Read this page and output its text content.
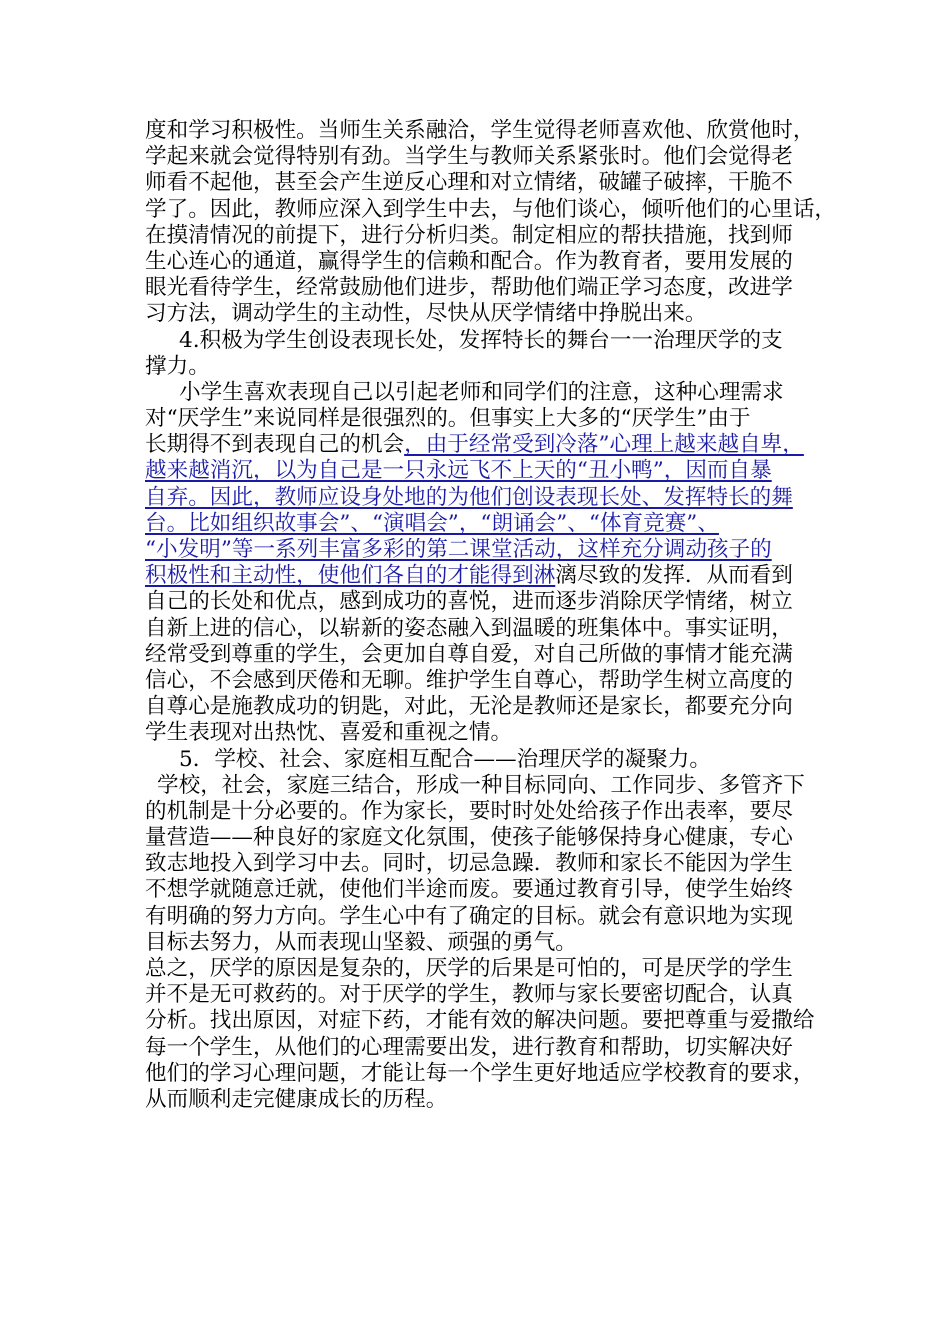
度和学习积极性。当师生关系融洽，学生觉得老师喜欢他、欣赏他时，
学起来就会觉得特别有劲。当学生与教师关系紧张时。他们会觉得老
师看不起他，甚至会产生逆反心理和对立情绪，破罐子破摔，干脆不
学了。因此，教师应深入到学生中去，与他们谈心，倾听他们的心里话，
在摸清情况的前提下，进行分析归类。制定相应的帮扶措施，找到师
生心连心的通道，赢得学生的信赖和配合。作为教育者，要用发展的
眼光看待学生，经常鼓励他们进步，帮助他们端正学习态度，改进学
习方法，调动学生的主动性，尽快从厌学情绪中挣脱出来。
4.积极为学生创设表现长处，发挥特长的舞台一一治理厌学的支
撑力。
小学生喜欢表现自己以引起老师和同学们的注意，这种心理需求
对“厌学生”来说同样是很强烈的。但事实上大多的“厌学生”由于
长期得不到表现自己的机会，由于经常受到冷落”心理上越来越自卑，
越来越消沉，以为自己是一只永远飞不上天的“丑小鸭”，因而自暴
自弃。因此，教师应设身处地的为他们创设表现长处、发挥特长的舞
台。比如组织故事会”、“演唱会”，“朗诵会”、“体育竞赛”、
“小发明”等一系列丰富多彩的第二课堂活动，这样充分调动孩子的
积极性和主动性，使他们各自的才能得到淋漓尽致的发挥．从而看到
自己的长处和优点，感到成功的喜悦，进而逐步消除厌学情绪，树立
自新上进的信心，以崭新的姿态融入到温暖的班集体中。事实证明，
经常受到尊重的学生，会更加自尊自爱，对自己所做的事情才能充满
信心，不会感到厌倦和无聊。维护学生自尊心，帮助学生树立高度的
自尊心是施教成功的钥匙，对此，无沦是教师还是家长，都要充分向
学生表现对出热忱、喜爱和重视之情。
5．学校、社会、家庭相互配合——治理厌学的凝聚力。
学校，社会，家庭三结合，形成一种目标同向、工作同步、多管齐下
的机制是十分必要的。作为家长，要时时处处给孩子作出表率，要尽
量营造——种良好的家庭文化氛围，使孩子能够保持身心健康，专心
致志地投入到学习中去。同时，切忌急躁．教师和家长不能因为学生
不想学就随意迁就，使他们半途而废。要通过教育引导，使学生始终
有明确的努力方向。学生心中有了确定的目标。就会有意识地为实现
目标去努力，从而表现山坚毅、顽强的勇气。
总之，厌学的原因是复杂的，厌学的后果是可怕的，可是厌学的学生
并不是无可救药的。对于厌学的学生，教师与家长要密切配合，认真
分析。找出原因，对症下药，才能有效的解决问题。要把尊重与爱撒给
每一个学生，从他们的心理需要出发，进行教育和帮助，切实解决好
他们的学习心理问题，才能让每一个学生更好地适应学校教育的要求，
从而顺利走完健康成长的历程。
